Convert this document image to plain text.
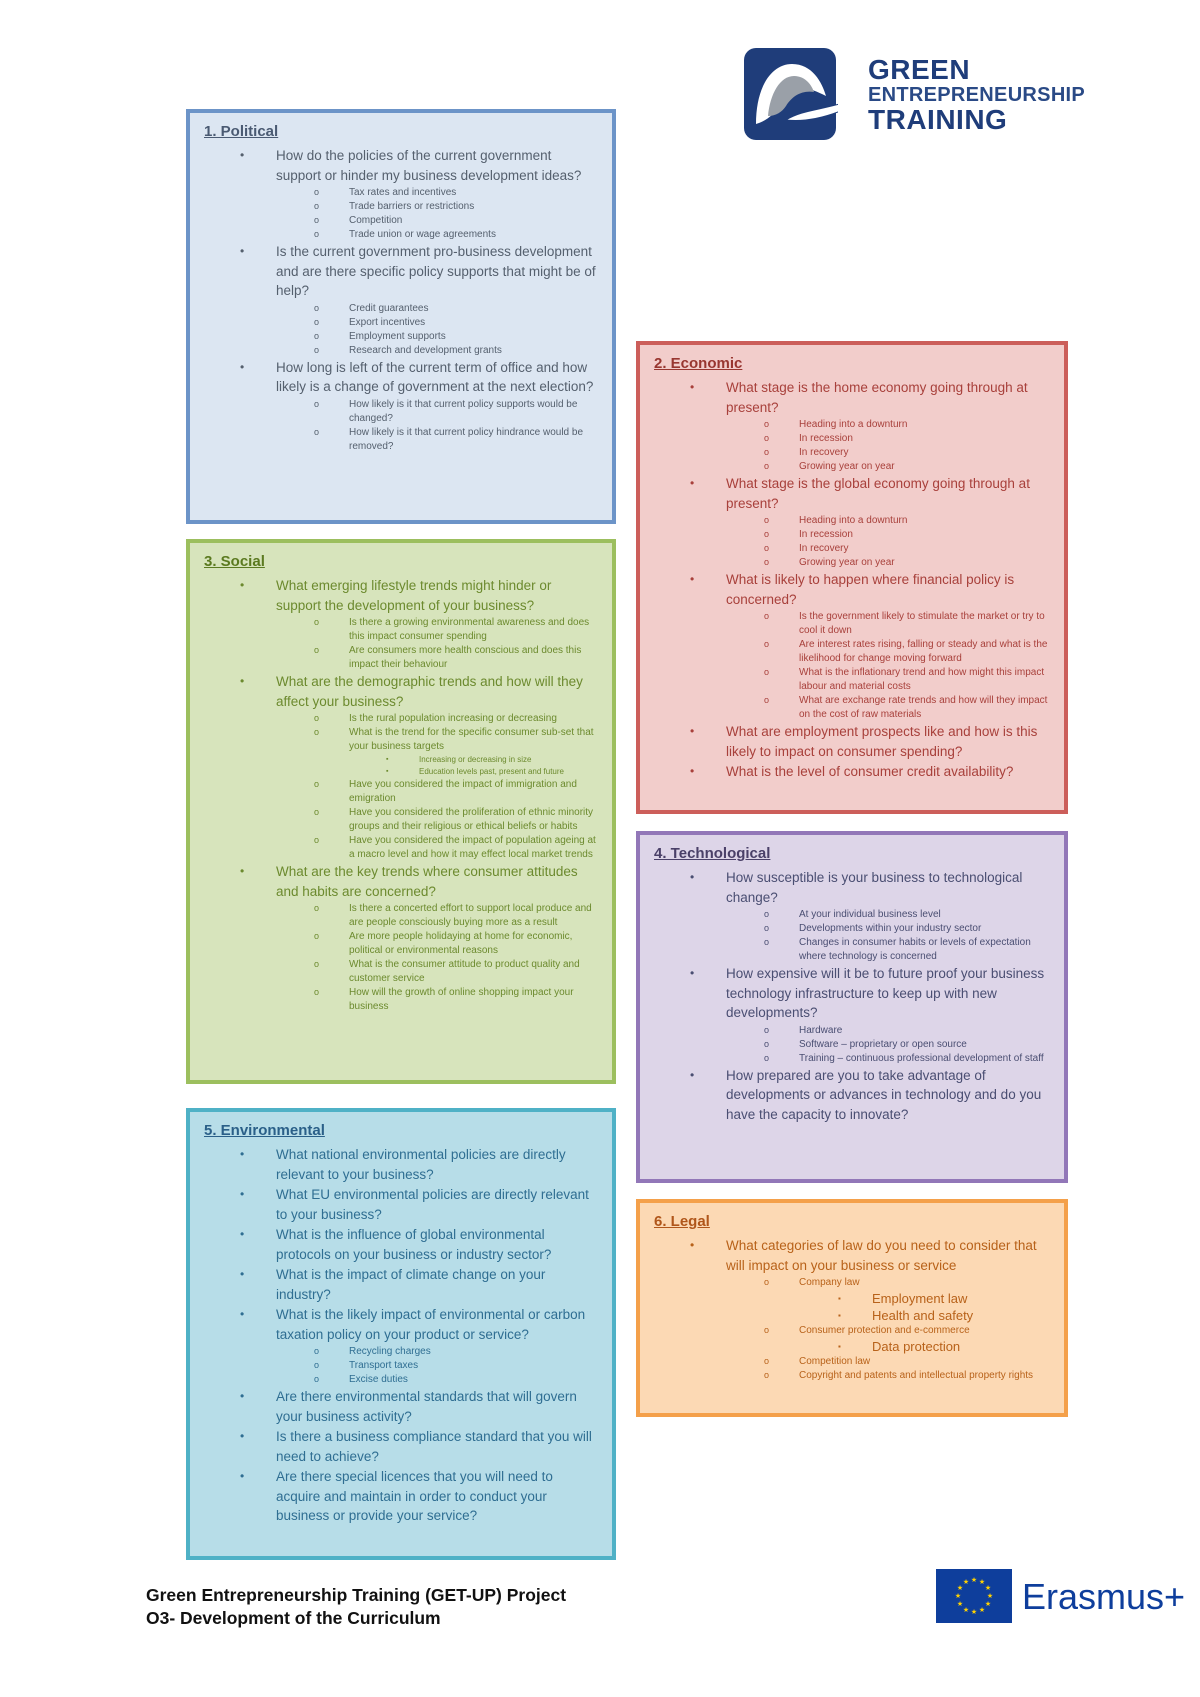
GREEN
ENTREPRENEURSHIP
TRAINING
1. Political
• How do the policies of the current government support or hinder my business development ideas?
o Tax rates and incentives
o Trade barriers or restrictions
o Competition
o Trade union or wage agreements
• Is the current government pro-business development and are there specific policy supports that might be of help?
o Credit guarantees
o Export incentives
o Employment supports
o Research and development grants
• How long is left of the current term of office and how likely is a change of government at the next election?
o How likely is it that current policy supports would be changed?
o How likely is it that current policy hindrance would be removed?
3. Social
• What emerging lifestyle trends might hinder or support the development of your business?
o Is there a growing environmental awareness and does this impact consumer spending
o Are consumers more health conscious and does this impact their behaviour
• What are the demographic trends and how will they affect your business?
o Is the rural population increasing or decreasing
o What is the trend for the specific consumer sub-set that your business targets
▪ Increasing or decreasing in size
▪ Education levels past, present and future
o Have you considered the impact of immigration and emigration
o Have you considered the proliferation of ethnic minority groups and their religious or ethical beliefs or habits
o Have you considered the impact of population ageing at a macro level and how it may effect local market trends
• What are the key trends where consumer attitudes and habits are concerned?
o Is there a concerted effort to support local produce and are people consciously buying more as a result
o Are more people holidaying at home for economic, political or environmental reasons
o What is the consumer attitude to product quality and customer service
o How will the growth of online shopping impact your business
5. Environmental
• What national environmental policies are directly relevant to your business?
• What EU environmental policies are directly relevant to your business?
• What is the influence of global environmental protocols on your business or industry sector?
• What is the impact of climate change on your industry?
• What is the likely impact of environmental or carbon taxation policy on your product or service?
o Recycling charges
o Transport taxes
o Excise duties
• Are there environmental standards that will govern your business activity?
• Is there a business compliance standard that you will need to achieve?
• Are there special licences that you will need to acquire and maintain in order to conduct your business or provide your service?
2. Economic
• What stage is the home economy going through at present?
o Heading into a downturn
o In recession
o In recovery
o Growing year on year
• What stage is the global economy going through at present?
o Heading into a downturn
o In recession
o In recovery
o Growing year on year
• What is likely to happen where financial policy is concerned?
o Is the government likely to stimulate the market or try to cool it down
o Are interest rates rising, falling or steady and what is the likelihood for change moving forward
o What is the inflationary trend and how might this impact labour and material costs
o What are exchange rate trends and how will they impact on the cost of raw materials
• What are employment prospects like and how is this likely to impact on consumer spending?
• What is the level of consumer credit availability?
4. Technological
• How susceptible is your business to technological change?
o At your individual business level
o Developments within your industry sector
o Changes in consumer habits or levels of expectation where technology is concerned
• How expensive will it be to future proof your business technology infrastructure to keep up with new developments?
o Hardware
o Software – proprietary or open source
o Training – continuous professional development of staff
• How prepared are you to take advantage of developments or advances in technology and do you have the capacity to innovate?
6. Legal
• What categories of law do you need to consider that will impact on your business or service
o Company law
▪ Employment law
▪ Health and safety
o Consumer protection and e-commerce
▪ Data protection
o Competition law
o Copyright and patents and intellectual property rights
Green Entrepreneurship Training (GET-UP) Project
O3- Development of the Curriculum
★ ★
★
★
★
★
★
★
★
★
★
★ Erasmus+
